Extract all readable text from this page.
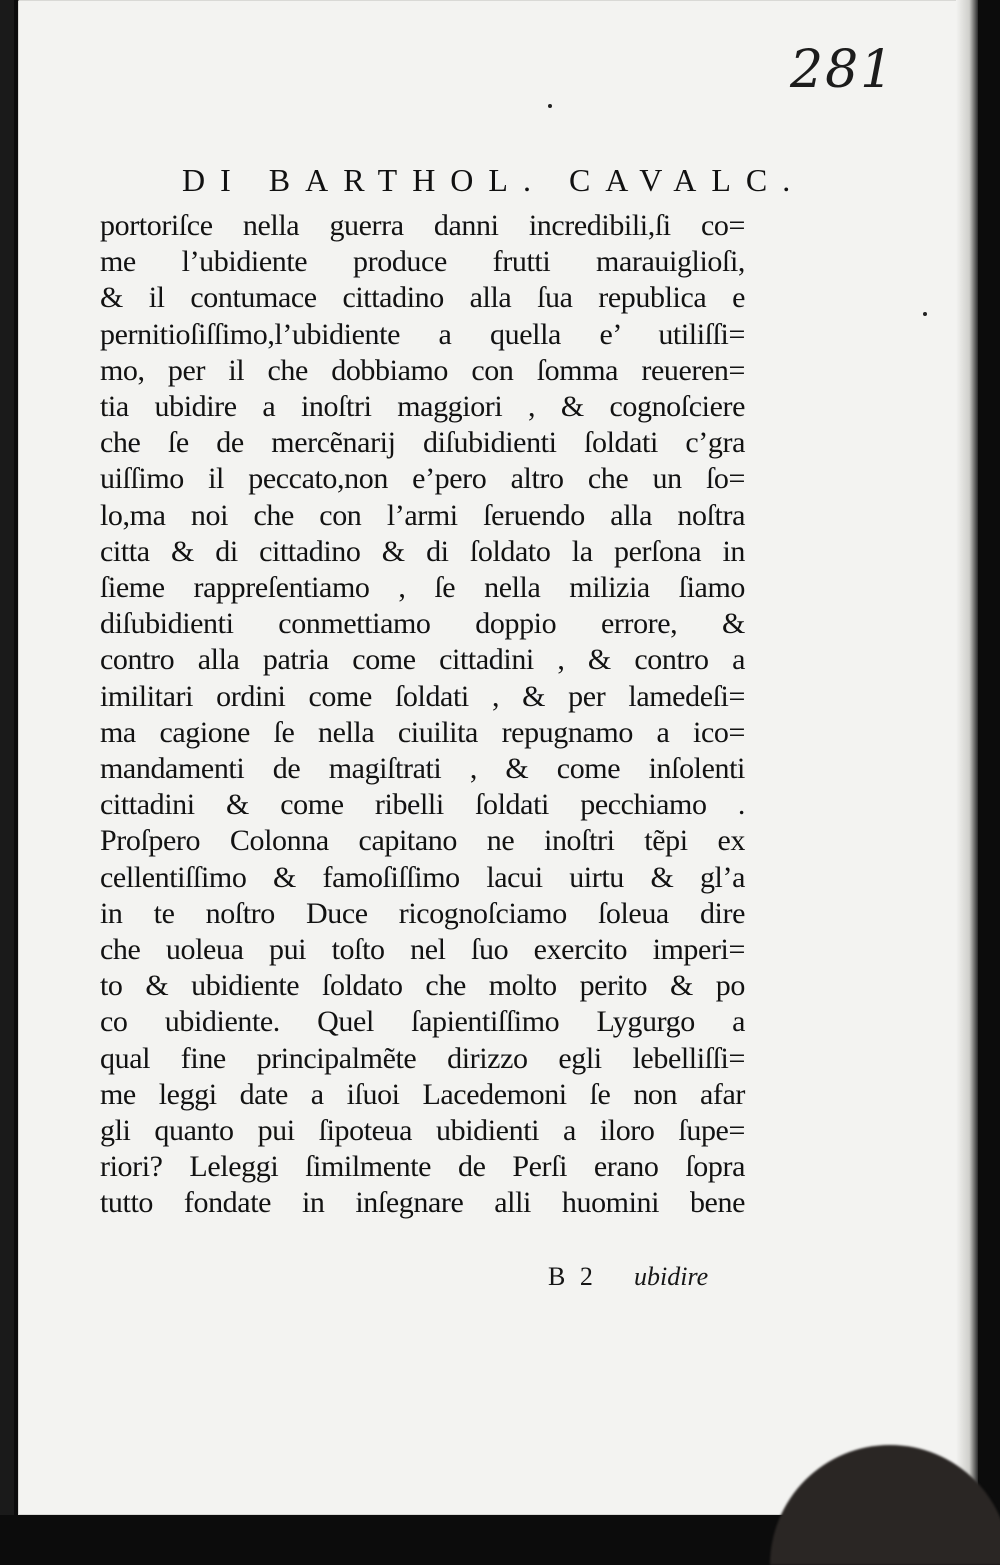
281
DI BARTHOL. CAVALC.
portoriſce nella guerra danni incredibili,ſi co=
me l’ubidiente produce frutti marauiglioſi,
& il contumace cittadino alla ſua republica e
pernitioſiſſimo,l’ubidiente a quella e’ utiliſſi=
mo, per il che dobbiamo con ſomma reueren=
tia ubidire a inoſtri maggiori , & cognoſciere
che ſe de mercẽnarij diſubidienti ſoldati c’gra
uiſſimo il peccato,non e’pero altro che un ſo=
lo,ma noi che con l’armi ſeruendo alla noſtra
citta & di cittadino & di ſoldato la perſona in
ſieme rappreſentiamo , ſe nella milizia ſiamo
diſubidienti conmettiamo doppio errore, &
contro alla patria come cittadini , & contro a
imilitari ordini come ſoldati , & per lamedeſi=
ma cagione ſe nella ciuilita repugnamo a ico=
mandamenti de magiſtrati , & come inſolenti
cittadini & come ribelli ſoldati pecchiamo .
Proſpero Colonna capitano ne inoſtri tẽpi ex
cellentiſſimo & famoſiſſimo lacui uirtu & gl’a
in te noſtro Duce ricognoſciamo ſoleua dire
che uoleua pui toſto nel ſuo exercito imperi=
to & ubidiente ſoldato che molto perito & po
co ubidiente. Quel ſapientiſſimo Lygurgo a
qual fine principalmẽte dirizzo egli lebelliſſi=
me leggi date a iſuoi Lacedemoni ſe non afar
gli quanto pui ſipoteua ubidienti a iloro ſupe=
riori? Leleggi ſimilmente de Perſi erano ſopra
tutto fondate in inſegnare alli huomini bene
B 2 ubidire
